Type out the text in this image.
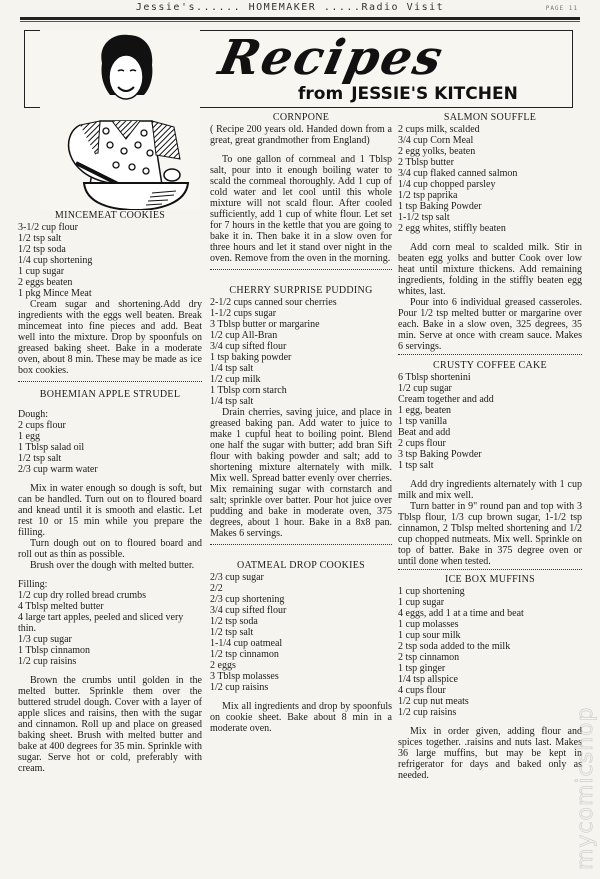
Jessie's...... HOMEMAKER .....Radio Visit	PAGE 11
Recipes
from JESSIE'S KITCHEN
MINCEMEAT COOKIES
3-1/2 cup flour
1/2 tsp salt
1/2 tsp soda
1/4 cup shortening
1 cup sugar
2 eggs beaten
1 pkg Mince Meat

Cream sugar and shortening.Add dry ingredients with the eggs well beaten. Break mincemeat into fine pieces and add. Beat well into the mixture. Drop by spoonfuls on greased baking sheet. Bake in a moderate oven, about 8 min. These may be made as ice box cookies.

BOHEMIAN APPLE STRUDEL
Dough:
2 cups flour
1 egg
1 Tblsp salad oil
1/2 tsp salt
2/3 cup warm water

Mix in water enough so dough is soft, but can be handled. Turn out on to floured board and knead until it is smooth and elastic. Let rest 10 or 15 min while you prepare the filling.

Turn dough out on to floured board and roll out as thin as possible.

Brush over the dough with melted butter.

Filling:
1/2 cup dry rolled bread crumbs
4 Tblsp melted butter
4 large tart apples, peeled and sliced very thin.
1/3 cup sugar
1 Tblsp cinnamon
1/2 cup raisins

Brown the crumbs until golden in the melted butter. Sprinkle them over the buttered strudel dough. Cover with a layer of apple slices and raisins, then with the sugar and cinnamon. Roll up and place on greased baking sheet. Brush with melted butter and bake at 400 degrees for 35 min. Sprinkle with sugar. Serve hot or cold, preferably with cream.

CORNPONE

( Recipe 200 years old. Handed down from a great, great grandmother from England)

To one gallon of cornmeal and 1 Tblsp salt, pour into it enough boiling water to scald the cornmeal thoroughly. Add 1 cup of cold water and let cool until this whole mixture will not scald flour. After cooled sufficiently, add 1 cup of white flour. Let set for 7 hours in the kettle that you are going to bake it in. Then bake it in a slow oven for three hours and let it stand over night in the oven. Remove from the oven in the morning.

CHERRY SURPRISE PUDDING
2-1/2 cups canned sour cherries
1-1/2 cups sugar
3 Tblsp butter or margarine
1/2 cup All-Bran
3/4 cup sifted flour
1 tsp baking powder
1/4 tsp salt
1/2 cup milk
1 Tblsp corn starch
1/4 tsp salt

Drain cherries, saving juice, and place in greased baking pan. Add water to juice to make 1 cupful heat to boiling point. Blend one half the sugar with butter; add bran Sift flour with baking powder and salt; add to shortening mixture alternately with milk. Mix well. Spread batter evenly over cherries. Mix remaining sugar with cornstarch and salt; sprinkle over batter. Pour hot juice over pudding and bake in moderate oven, 375 degrees, about 1 hour. Bake in a 8x8 pan. Makes 6 servings.

OATMEAL DROP COOKIES
2/3 cup sugar
2/2
2/3 cup shortening
3/4 cup sifted flour
1/2 tsp soda
1/2 tsp salt
1-1/4 cup oatmeal
1/2 tsp cinnamon
2 eggs
3 Tblsp molasses
1/2 cup raisins

Mix all ingredients and drop by spoonfuls on cookie sheet. Bake about 8 min in a moderate oven.

SALMON SOUFFLE
2 cups milk, scalded
3/4 cup Corn Meal
2 egg yolks, beaten
2 Tblsp butter
3/4 cup flaked canned salmon
1/4 cup chopped parsley
1/2 tsp paprika
1 tsp Baking Powder
1-1/2 tsp salt
2 egg whites, stiffly beaten

Add corn meal to scalded milk. Stir in beaten egg yolks and butter Cook over low heat until mixture thickens. Add remaining ingredients, folding in the stiffly beaten egg whites, last.

Pour into 6 individual greased casseroles. Pour 1/2 tsp melted butter or margarine over each. Bake in a slow oven, 325 degrees, 35 min. Serve at once with cream sauce. Makes 6 servings.

CRUSTY COFFEE CAKE
6 Tblsp shortenini
1/2 cup sugar
Cream together and add
1 egg, beaten
1 tsp vanilla
Beat and add
2 cups flour
3 tsp Baking Powder
1 tsp salt

Add dry ingredients alternately with 1 cup milk and mix well.

Turn batter in 9" round pan and top with 3 Tblsp flour, 1/3 cup brown sugar, 1-1/2 tsp cinnamon, 2 Tblsp melted shortening and 1/2 cup chopped nutmeats. Mix well. Sprinkle on top of batter. Bake in 375 degree oven or until done when tested.

ICE BOX MUFFINS
1 cup shortening
1 cup sugar
4 eggs, add 1 at a time and beat
1 cup molasses
1 cup sour milk
2 tsp soda added to the milk
2 tsp cinnamon
1 tsp ginger
1/4 tsp allspice
4 cups flour
1/2 cup nut meats
1/2 cup raisins

Mix in order given, adding flour and spices together. .raisins and nuts last. Makes 36 large muffins, but may be kept in refrigerator for days and baked only as needed.	mycomicshop
